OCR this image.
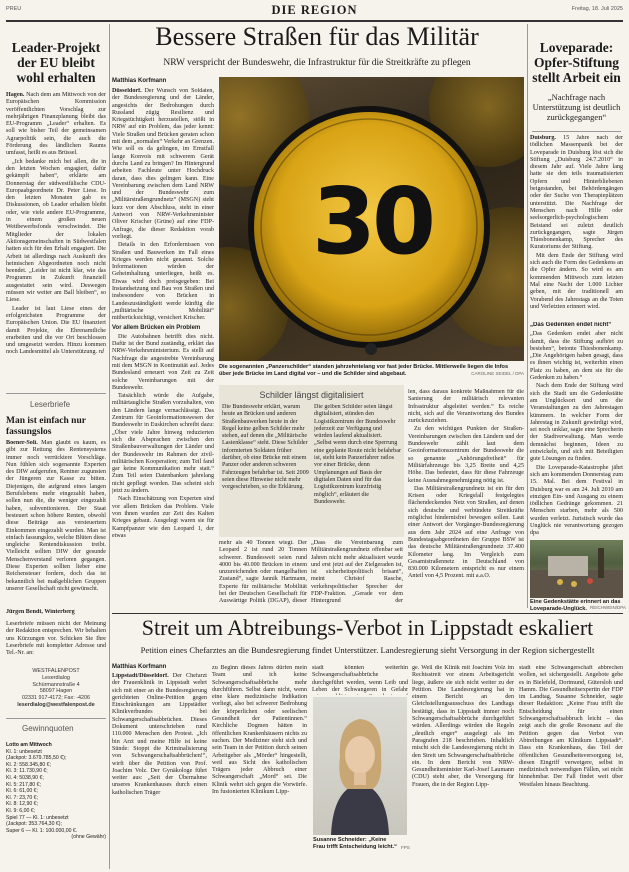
PREU	DIE REGION	Freitag, 18. Juli 2025
Leader-Projekt der EU bleibt wohl erhalten

Hagen. Nach dem am Mittwoch von der Europäischen Kommission veröffentlichten Vorschlag zur mehrjährigen Finanzplanung bleibt das EU-Programm „Leader“ erhalten. Es soll wie bisher Teil der gemeinsamen Agrarpolitik sein, die auch die Förderung des ländlichen Raums umfasst, heißt es aus Brüssel.

„Ich bedanke mich bei allen, die in den letzten Wochen engagiert, dafür gekämpft haben“, erklärte am Donnerstag der südwestfälische CDU-Europaabgeordnete Dr. Peter Liese. In den letzten Monaten gab es Diskussionen, ob Leader erhalten bleibt oder, wie viele andere EU-Programme, in einem großen neuen Wettbewerbsfonds verschwindet. Die Mitglieder der lokalen Aktionsgemeinschaften in Südwestfalen hatten sich für den Erhalt engagiert. Die Arbeit ist allerdings nach Auskunft des heimischen Abgeordneten noch nicht beendet. „Leider ist nicht klar, wie das Programm in Zukunft finanziell ausgestattet sein wird. Deswegen müssen wir weiter am Ball bleiben“, so Liese.

Leader ist laut Liese eines der erfolgreichsten Programme der Europäischen Union. Die EU finanziert damit Projekte, die Ehrenamtliche erarbeiten und die vor Ort beschlossen und umgesetzt werden. Hinzu kommen noch Landesmittel als Unterstützung. rd

Leserbriefe
Man ist einfach nur fassungslos

Boener-Soli. Man glaubt es kaum, es gibt zur Rettung des Rentensystems immer noch verrücktere Vorschläge. Nun fühlen sich sogenannte Experten des DIW aufgerufen, Rentner zugunsten der Jüngeren zur Kasse zu bitten. Diejenigen, die aufgrund eines langen Berufslebens mehr eingezahlt haben, sollen nun die, die weniger eingezahlt haben, subventionieren. Der Staat besteuert schon höhere Renten, obwohl diese Beiträge aus versteuertem Einkommen eingezahlt wurden. Man ist einfach fassungslos, welche Blüten diese ungleiche Rentendiskussion treibt. Vielleicht sollten DIW der gesunde Menschenverstand verloren gegangen. Diese Experten sollten lieber eine Reichensteuer fordern, doch das ist bekanntlich bei maßgeblichen Gruppen unserer Gesellschaft nicht gewünscht.

Jürgen Bendt, Winterberg
Leserbriefe müssen nicht der Meinung der Redaktion entsprechen. Wir behalten uns Kürzungen vor. Schicken Sie Ihre Leserbriefe mit kompletter Adresse und Tel.-Nr. an:
WESTFALENPOST
Leserdialog
Schürmannstraße 4
58097 Hagen
02331 917-4172; Fax: -4206
leserdialog@westfalenpost.de
Gewinnquoten
Lotto am Mittwoch
Kl. 1: unbesetzt
(Jackpot: 3.679.785,50 €);
Kl. 2: 558.345,80 €;
Kl. 3: 11.730,90 €;
Kl. 4: 5038,90 €;
Kl. 5: 217,80 €;
Kl. 6: 61,00 €;
Kl. 7: 23,70 €;
Kl. 8: 12,90 €;
Kl. 9: 6,00 €;
Spiel 77 — Kl. 1: unbesetzt
(Jackpot: 353.764,30 €);
Super 6 — Kl. 1: 100.000,00 €.
(ohne Gewähr)
Bessere Straßen für das Militär
NRW verspricht der Bundeswehr, die Infrastruktur für die Streitkräfte zu pflegen
Matthias Korfmann

Düsseldorf. Der Wunsch von Soldaten, der Bundesregierung und der Länder, angesichts der Bedrohungen durch Russland zügig Resilienz und Kriegstüchtigkeit herzustellen, stößt in NRW auf ein Problem, das jeder kennt: Viele Straßen und Brücken geraten schon mit dem „normalen“ Verkehr an Grenzen. Wie soll es da gelingen, im Ernstfall lange Konvois mit schwerem Gerät durchs Land zu bringen? Im Hintergrund arbeiten Fachleute unter Hochdruck daran, dass dies gelingen kann. Eine Vereinbarung zwischen dem Land NRW und der Bundeswehr zum „Militärstraßengrundnetz“ (MSGN) steht kurz vor dem Abschluss, steht in einer Antwort von NRW-Verkehrsminister Oliver Krischer (Grüne) auf eine FDP-Anfrage, die dieser Redaktion vorab vorliegt.

Details in den Erfordernissen von Straßen und Bauwerken im Fall eines Krieges werden nicht genannt. Solche Informationen würden der Geheimhaltung unterliegen, heißt es. Etwas wird doch preisgegeben: Bei Instandsetzung und Bau von Straßen und insbesondere von Brücken in Landeszuständigkeit werde künftig die „militärische Mobilität“ mitberücksichtigt, versichert Krischer.

Vor allem Brücken ein Problem

Die Autobahnen betrifft dies nicht. Dafür ist der Bund zuständig, erklärt das NRW-Verkehrsministerium. Es stellt auf Nachfrage die angestrebte Vereinbarung mit dem MSGN in Kontinuität auf. Jedes Bundesland erneuert von Zeit zu Zeit solche Vereinbarungen mit der Bundeswehr.

Tatsächlich würde die Aufgabe, militärtaugliche Straßen vorzuhalten, von den Ländern lange vernachlässigt. Das Zentrum für Geoinformationswesen der Bundeswehr in Euskirchen schreibt dazu: „Über viele Jahre hinweg reduzierten sich die Absprachen zwischen den Straßenbauverwaltungen der Länder und der Bundeswehr im Rahmen der zivil-militärischen Kooperation; zum Teil fand gar keine Kommunikation mehr statt.“ Zum Teil seien Datenbanken jahrelang nicht gepflegt worden. Das scheint sich jetzt zu ändern.

Nach Einschätzung von Experten sind vor allem Brücken das Problem. Viele von ihnen wurden zur Zeit des Kalten Krieges gebaut. Ausgelegt waren sie für Kampfpanzer wie den Leopard 1, der etwas

30
Die sogenannten „Panzerschilder“ standen jahrzehntelang vor fast jeder Brücke. Mittlerweile liegen die Infos über jede Brücke im Land digital vor – und die Schilder sind abgebaut.	CAROLINE SEIDEL / DPA
Schilder längst digitalisiert
Die Bundeswehr erklärt, warum heute an Brücken und anderen Straßenbauwerken heute in der Regel keine gelben Schilder mehr stehen, auf denen die „Militärische Lastenklasse“ steht. Diese Schilder informierten Soldaten früher darüber, ob eine Brücke mit einem Panzer oder anderen schweren Fahrzeugen befahrbar ist. Seit 2009 seien diese Hinweise nicht mehr vorgeschrieben, so die Erklärung.
Die gelben Schilder seien längst digitalisiert, stünden den Logistikzentrum der Bundeswehr jederzeit zur Verfügung und würden laufend aktualisiert. „Selbst wenn durch eine Sperrung eine geplante Route nicht befahrbar ist, steht kein Panzerfahrer ratlos vor einer Brücke, denn Umplanungen auf Basis der digitalen Daten sind für das Logistikzentrum kurzfristig möglich“, erläutert die Bundeswehr.

mehr als 40 Tonnen wiegt. Der Leopard 2 ist rund 20 Tonnen schwerer. Bundesweit seien rund 4000 bis 40.000 Brücken in einem unzureichenden oder mangelhaften Zustand“, sagte Jannik Hartmann, Experte für militärische Mobilität bei der Deutschen Gesellschaft für Auswärtige Politik (DGAP), dieser

„Dass die Vereinbarung zum Militärstraßengrundnetz offenbar seit Jahren nicht mehr aktualisiert wurde und erst jetzt auf der Zielgeraden ist, ist sicherheitspolitisch brisant“, meint Christof Rasche, verkehrspolitischer Sprecher der FDP-Fraktion. „Gerade vor dem Hintergrund der

len, dass daraus konkrete Maßnahmen für die Sanierung der militärisch relevanten Infrastruktur abgeleitet werden.“ Es reiche nicht, sich auf die Verantwortung des Bundes zurückzuziehen.

Zu den wichtigen Punkten der Straßen-Vereinbarungen zwischen den Ländern und der Bundeswehr zählt laut dem Geoinformationszentrum der Bundeswehr die so genannte „Anhörungsfreiheit“ für Militärfahrzeuge bis 3,25 Breite und 4,25 Höhe. Das bedeutet, dass für diese Fahrzeuge keine Ausnahmegenehmigung nötig ist.

Das Militärstraßengrundnetz ist ein für den Krisen oder Kriegsfall festgelegtes flächendeckendes Netz von Straßen, auf denen sich deutsche und verbündete Streitkräfte möglichst hindernisfrei bewegen sollen. Laut einer Antwort der Vorgänger-Bundesregierung aus dem Jahr 2024 auf eine Anfrage von Bundestagsabgeordneten der Gruppe BSW ist das deutsche Militärstraßengrundnetz 37.400 Kilometer lang. Im Vergleich zum Gesamtstraßennetz in Deutschland von 830.000 Kilometern entspricht es nur einem Anteil von 4,5 Prozent. mit a.a.O.

Loveparade: Opfer-Stiftung stellt Arbeit ein
„Nachfrage nach Unterstützung ist deutlich zurückgegangen“

Duisburg. 15 Jahre nach der tödlichen Massenpanik bei der Loveparade in Duisburg löst sich die Stiftung „Duisburg 24.7.2010“ in diesem Jahr auf. Viele Jahre lang hatte sie den teils traumatisierten Opfern und Hinterbliebenen beigestanden, bei Behördengängen oder der Suche von Therapieplätzen unterstützt. Die Nachfrage der Menschen nach Hilfe oder seelsorgerlich-psychologischem Beistand sei zuletzt deutlich zurückgegangen, sagte Jürgen Thiesbonenkamp, Sprecher des Kuratoriums der Stiftung.

Mit dem Ende der Stiftung wird sich auch die Form des Gedenkens an die Opfer ändern. So wird es am kommenden Mittwoch zum letzten Mal eine Nacht der 1.000 Lichter geben, mit der traditionell am Vorabend des Jahrestags an die Toten und Verletzten erinnert wird.

„Das Gedenken endet nicht“

„Das Gedenken endet aber nicht damit, dass die Stiftung aufhört zu bestehen“, betonte Thiesbonenkamp. „Die Angehörigen haben gesagt, dass es ihnen wichtig ist, weiterhin einen Platz zu haben, an dem sie für die Gedenken zu haben.“

Nach dem Ende der Stiftung wird sich die Stadt um die Gedenkstätte am Unglücksort und um die Veranstaltungen zu den Jahrestagen kümmern. In welcher Form der Jahrestag in Zukunft gewürdigt wird, sei noch unklar, sagte eine Sprecherin der Stadtverwaltung. Man werde demnächst beginnen, Ideen zu entwickeln, und sich mit Beteiligten gute Lösungen zu finden.

Die Loveparade-Katastrophe jährt sich am kommenden Donnerstag zum 15. Mal. Bei dem Festival in Duisburg war es am 24. Juli 2010 am einzigen Ein- und Ausgang zu einem tödlichen Gedränge gekommen. 21 Menschen starben, mehr als 500 wurden verletzt. Juristisch wurde das Unglück nie verantwortung gezogen dpa

Eine Gedenkstätte erinnert an das Loveparade-Unglück. REICHWEIN/DPA
Streit um Abtreibungs-Verbot in Lippstadt eskaliert
Petition eines Chefarztes an die Bundesregierung findet Unterstützer. Landesregierung sieht Versorgung in der Region sichergestellt
Matthias Korfmann

Lippstadt/Düsseldorf. Der Chefarzt der Frauenklinik in Lippstadt wehrt sich mit einer an die Bundesregierung gerichteten Online-Petition gegen Einschränkungen am Lippstädter Klinikverbundes bei Schwangerschaftsabbrüchen. Dieses Dokument unterschrieben rund 110.000 Menschen den Protest. „Ich bin Arzt und meine Hilfe ist keine Sünde: Stoppt die Kriminalisierung von Schwangerschaftsabbrüchen!“, wirft über die Petition von Prof. Joachim Volz. Der Gynäkologe führt weiter aus: „Seit der Übernahme unseres Krankenhauses durch einen katholischen Träger

zu Beginn dieses Jahres dürfen mein Team und ich keine Schwangerschaftsabbrüche mehr durchführen. Selbst dann nicht, wenn eine klare medizinische Indikation vorliegt, also bei schwerer Bedrohung der körperlichen oder seelischen Gesundheit der Patientinnen.“ Kirchliche Dogmen hätten in öffentlichen Krankenhäusern nichts zu suchen. Der Mediziner sieht sich und sein Team in der Petition durch seinen Arbeitgeber als „Mörder“ hingestellt, weil aus Sicht des katholischen Trägers jeder Abbruch einer Schwangerschaft „Mord“ sei. Die Klinik wehrt sich gegen die Vorwürfe. Im fusionierten Klinikum Lipp-
stadt könnten weiterhin Schwangerschaftsabbrüche durchgeführt werden, wenn Leib und Leben der Schwangeren in Gefahr
Susanne Schneider: „Keine Frau trifft Entscheidung leicht.“ FPS
ge. Weil die Klinik mit Joachim Volz im Rechtsstreit vor einem Arbeitsgericht liege, äußere sie sich nicht weiter zu der Petition. Die Landesregierung hat in einem Bericht an den Gleichstellungsausschuss des Landtags bestätigt, dass in Lippstadt immer noch Schwangerschaftsabbrüche durchgeführt würden. Allerdings würden die Regeln „deutlich enger“ ausgelegt als im Paragrafen 218 beschrieben. Inhaltlich mischt sich die Landesregierung nicht in den Streit um Schwangerschaftsabbrüche ein. In dem Bericht von NRW-Gesundheitsminister Karl-Josef Laumann (CDU) steht aber, die Versorgung für Frauen, die in der Region Lipp-
stadt eine Schwangerschaft abbrechen wollen, sei sichergestellt. Angebote gebe es in Bielefeld, Dortmund, Gütersloh und Hamm. Die Gesundheitsexpertin der FDP im Landtag, Susanne Schneider, sagte dieser Redaktion: „Keine Frau trifft die Entscheidung für einen Schwangerschaftsabbruch leicht – das zeigt auch die große Resonanz auf die Petition gegen das Verbot von Abtreibungen am Klinikum Lippstadt“. Dass ein Krankenhaus, das Teil der öffentlichen Gesundheitsversorgung ist, diesen Eingriff verweigere, selbst in medizinisch notwendigen Fällen, sei nicht hinnehmbar. Der Fall findet weit über Westfalen hinaus Beachtung.
